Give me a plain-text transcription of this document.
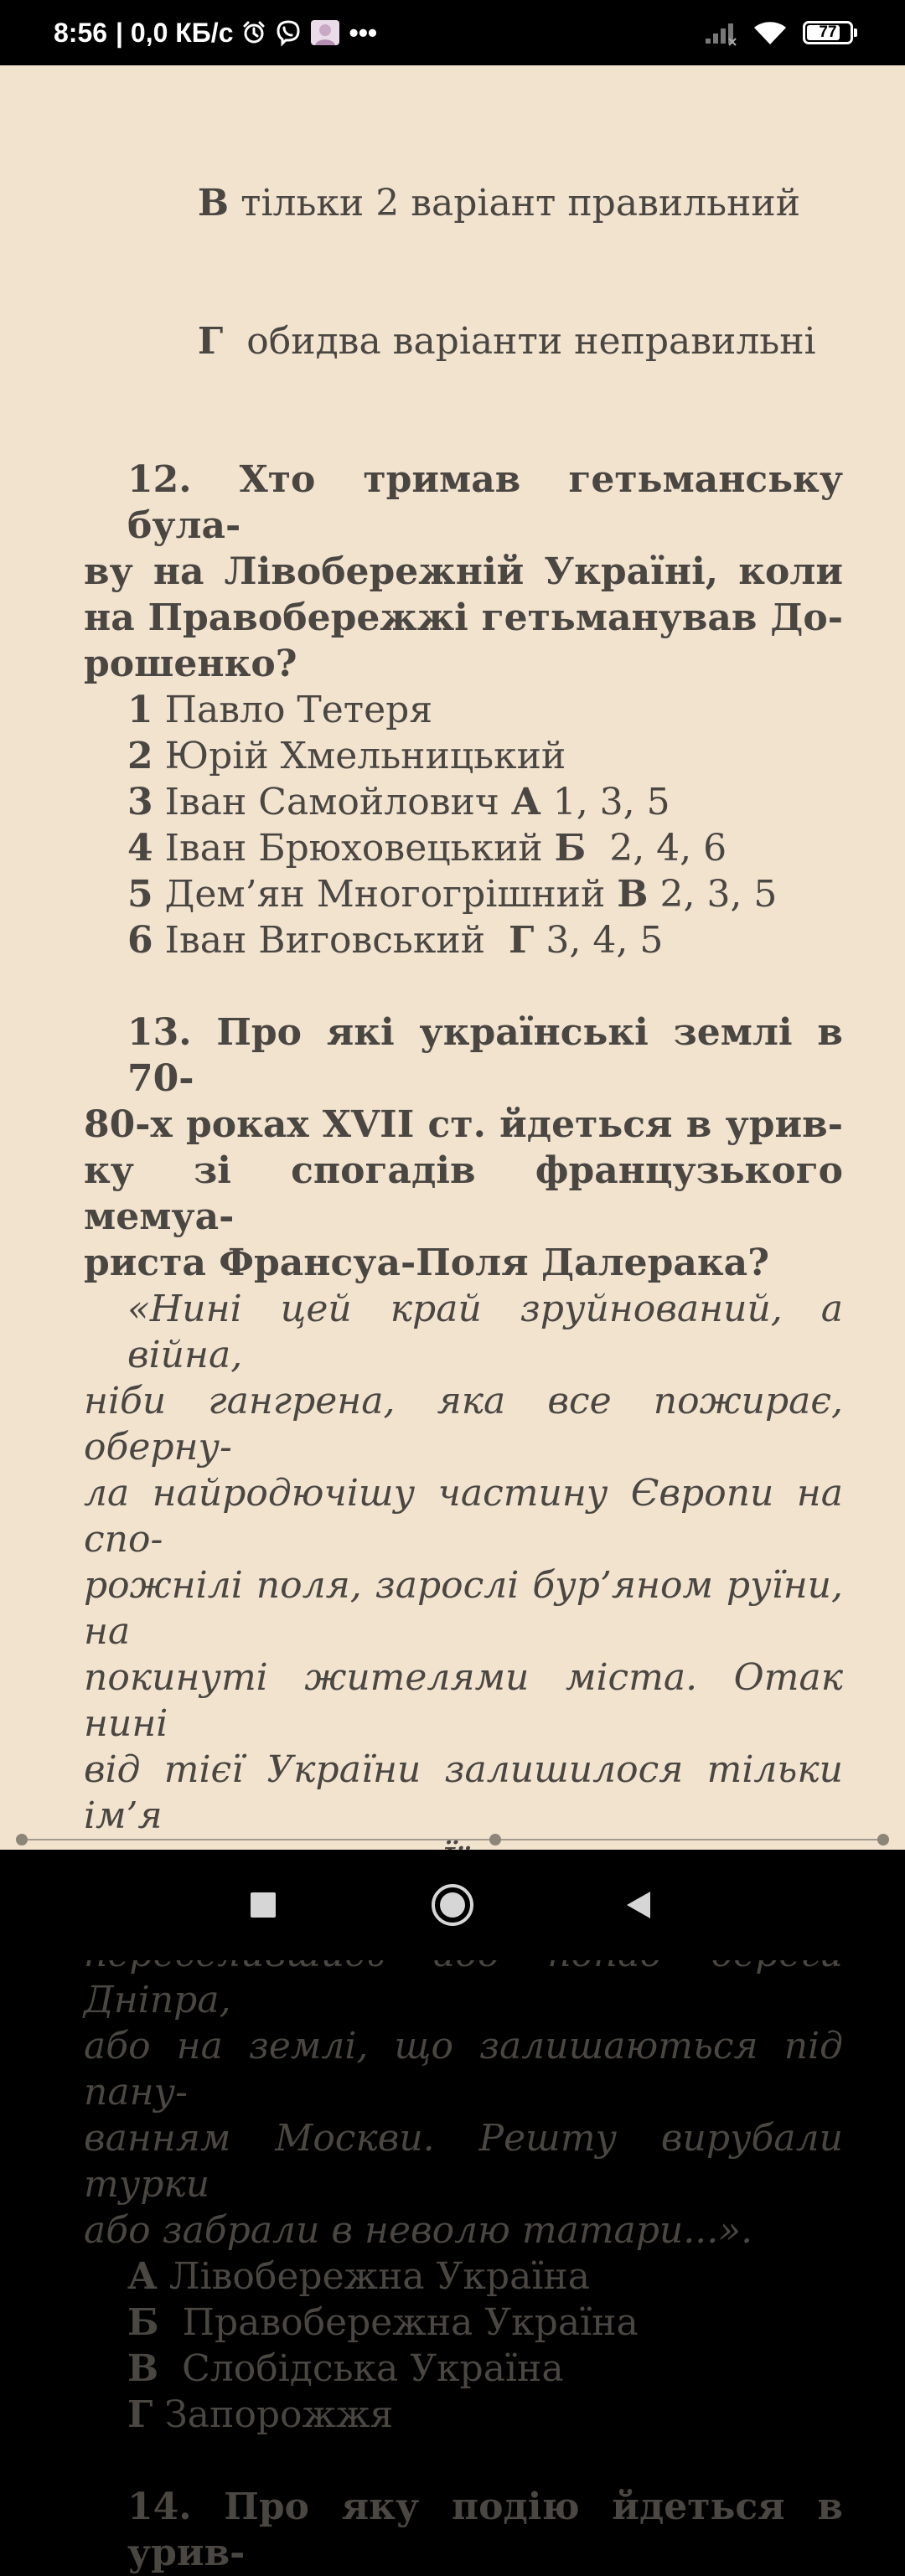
8:56 | 0,0 КБ/с	•••	77

В тільки 2 варіант правильний

Г  обидва варіанти неправильні

12. Хто тримав гетьманську була-
ву на Лівобережній Україні, коли
на Правобережжі гетьманував До-
рошенко?
1 Павло Тетеря
2 Юрій Хмельницький
3 Іван Самойлович А 1, 3, 5
4 Іван Брюховецький Б  2, 4, 6
5 Дем’ян Многогрішний В 2, 3, 5
6 Іван Виговський  Г 3, 4, 5
13. Про які українські землі в 70-
80-х роках XVII ст. йдеться в урив-
ку зі спогадів французького мемуа-
риста Франсуа-Поля Далерака?
«Нині цей край зруйнований, а війна,
ніби гангрена, яка все пожирає, оберну-
ла найродючішу частину Європи на спо-
рожнілі поля, зарослі бур’яном руїни, на
покинуті жителями міста. Отак нині
від тієї України залишилося тільки ім’я
Дніпра,
або на землі, що залишаються під пану-
ванням Москви. Решту вирубали турки
або забрали в неволю татари...».
А Лівобережна Україна
Б  Правобережна Україна
В  Слобідська Україна
Г Запорожжя
14. Про яку подію йдеться в урив-
